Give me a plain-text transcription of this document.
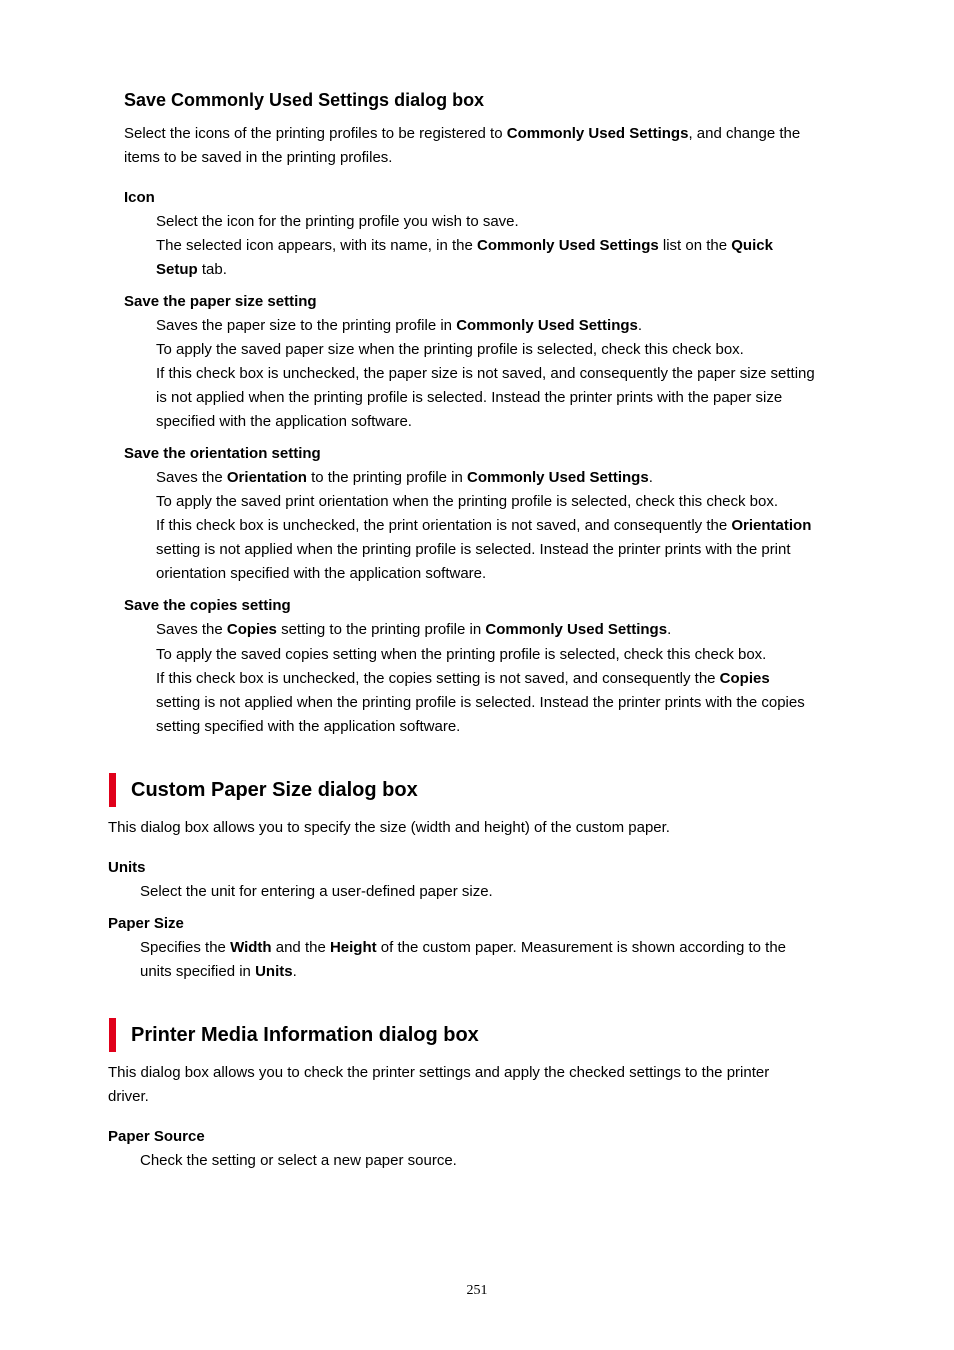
Save Commonly Used Settings dialog box

Select the icons of the printing profiles to be registered to Commonly Used Settings, and change the

items to be saved in the printing profiles.

Icon

Select the icon for the printing profile you wish to save.

The selected icon appears, with its name, in the Commonly Used Settings list on the Quick

Setup tab.

Save the paper size setting

Saves the paper size to the printing profile in Commonly Used Settings.

To apply the saved paper size when the printing profile is selected, check this check box.

If this check box is unchecked, the paper size is not saved, and consequently the paper size setting

is not applied when the printing profile is selected. Instead the printer prints with the paper size

specified with the application software.

Save the orientation setting

Saves the Orientation to the printing profile in Commonly Used Settings.

To apply the saved print orientation when the printing profile is selected, check this check box.

If this check box is unchecked, the print orientation is not saved, and consequently the Orientation

setting is not applied when the printing profile is selected. Instead the printer prints with the print

orientation specified with the application software.

Save the copies setting

Saves the Copies setting to the printing profile in Commonly Used Settings.

To apply the saved copies setting when the printing profile is selected, check this check box.

If this check box is unchecked, the copies setting is not saved, and consequently the Copies

setting is not applied when the printing profile is selected. Instead the printer prints with the copies

setting specified with the application software.

Custom Paper Size dialog box

This dialog box allows you to specify the size (width and height) of the custom paper.

Units

Select the unit for entering a user-defined paper size.

Paper Size

Specifies the Width and the Height of the custom paper. Measurement is shown according to the

units specified in Units.

Printer Media Information dialog box

This dialog box allows you to check the printer settings and apply the checked settings to the printer

driver.

Paper Source

Check the setting or select a new paper source.

251
